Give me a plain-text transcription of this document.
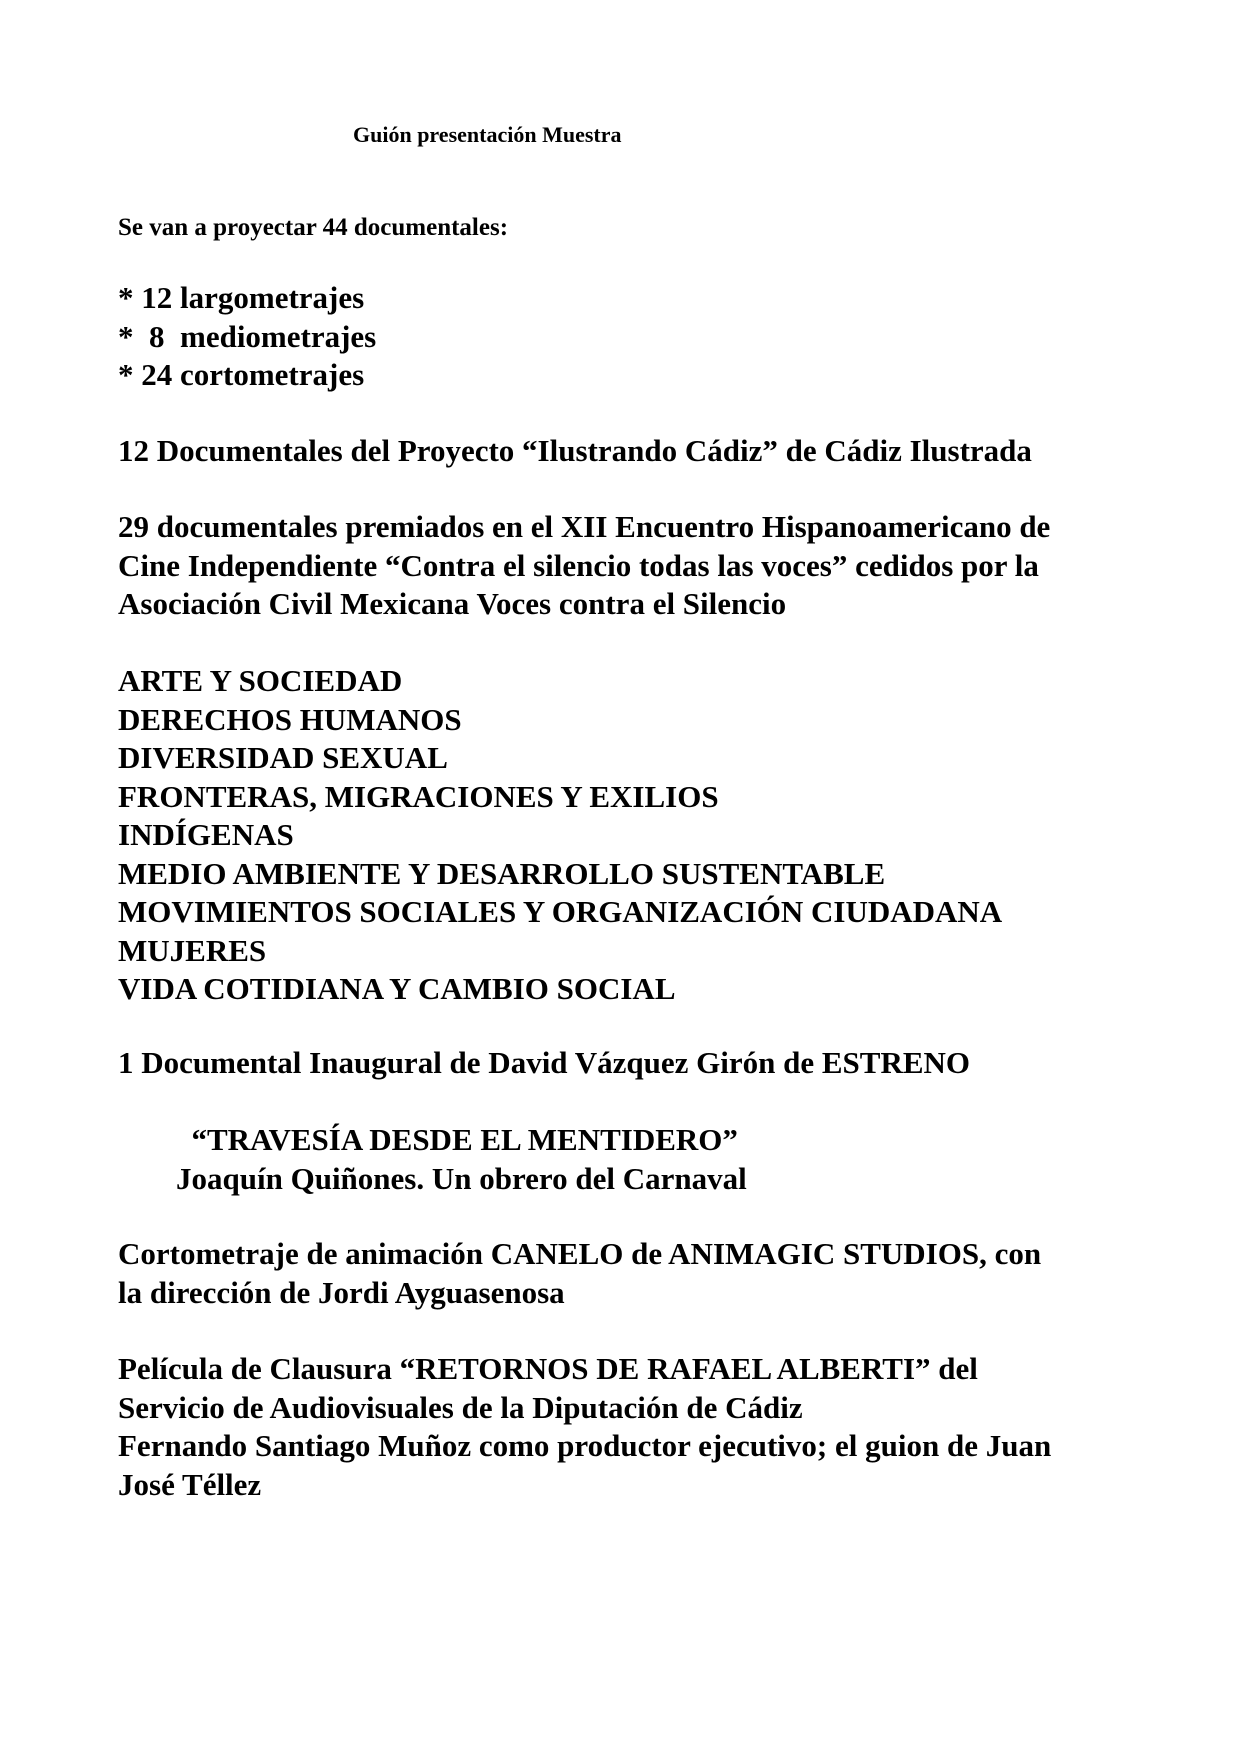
Guión presentación Muestra
Se van a proyectar 44 documentales:
* 12 largometrajes
*  8  mediometrajes
* 24 cortometrajes
12 Documentales del Proyecto “Ilustrando Cádiz” de Cádiz Ilustrada
29 documentales premiados en el XII Encuentro Hispanoamericano de
Cine Independiente “Contra el silencio todas las voces” cedidos por la
Asociación Civil Mexicana Voces contra el Silencio
ARTE Y SOCIEDAD
DERECHOS HUMANOS
DIVERSIDAD SEXUAL
FRONTERAS, MIGRACIONES Y EXILIOS
INDÍGENAS
MEDIO AMBIENTE Y DESARROLLO SUSTENTABLE
MOVIMIENTOS SOCIALES Y ORGANIZACIÓN CIUDADANA
MUJERES
VIDA COTIDIANA Y CAMBIO SOCIAL
1 Documental Inaugural de David Vázquez Girón de ESTRENO
“TRAVESÍA DESDE EL MENTIDERO”
Joaquín Quiñones. Un obrero del Carnaval
Cortometraje de animación CANELO de ANIMAGIC STUDIOS, con
la dirección de Jordi Ayguasenosa
Película de Clausura “RETORNOS DE RAFAEL ALBERTI” del
Servicio de Audiovisuales de la Diputación de Cádiz
Fernando Santiago Muñoz como productor ejecutivo; el guion de Juan
José Téllez
